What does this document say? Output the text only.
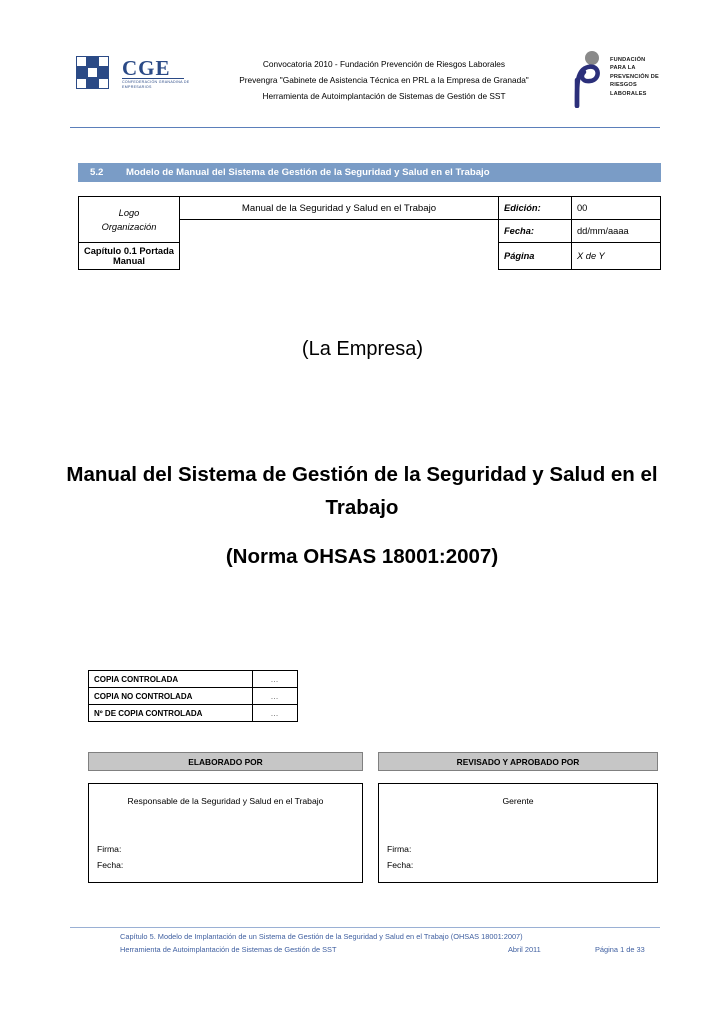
CGE
CONFEDERACIÓN GRANADINA DE EMPRESARIOS
Convocatoria 2010 - Fundación Prevención de Riesgos Laborales
Prevengra "Gabinete de Asistencia Técnica en PRL a la Empresa de Granada"
Herramienta de Autoimplantación de Sistemas de Gestión de SST
FUNDACIÓN PARA LA PREVENCIÓN DE RIESGOS LABORALES
5.2	Modelo de Manual del Sistema de Gestión de la Seguridad y Salud en el Trabajo
Logo
Organización	Manual de la Seguridad y Salud en el Trabajo	Edición:	00
		Fecha:	dd/mm/aaaa
Capítulo 0.1 Portada Manual		Página	X de Y
(La Empresa)
Manual del Sistema de Gestión de la Seguridad y Salud en el Trabajo
(Norma OHSAS 18001:2007)
COPIA CONTROLADA	…
COPIA NO CONTROLADA	…
Nº DE COPIA CONTROLADA	…
ELABORADO POR	REVISADO Y APROBADO POR
Responsable de la Seguridad y Salud en el Trabajo
Firma:
Fecha:
Gerente
Firma:
Fecha:
Capítulo 5. Modelo de Implantación de un Sistema de Gestión de la Seguridad y Salud en el Trabajo (OHSAS 18001:2007)
Herramienta de Autoimplantación de Sistemas de Gestión de SST	Abril 2011	Página 1 de 33
